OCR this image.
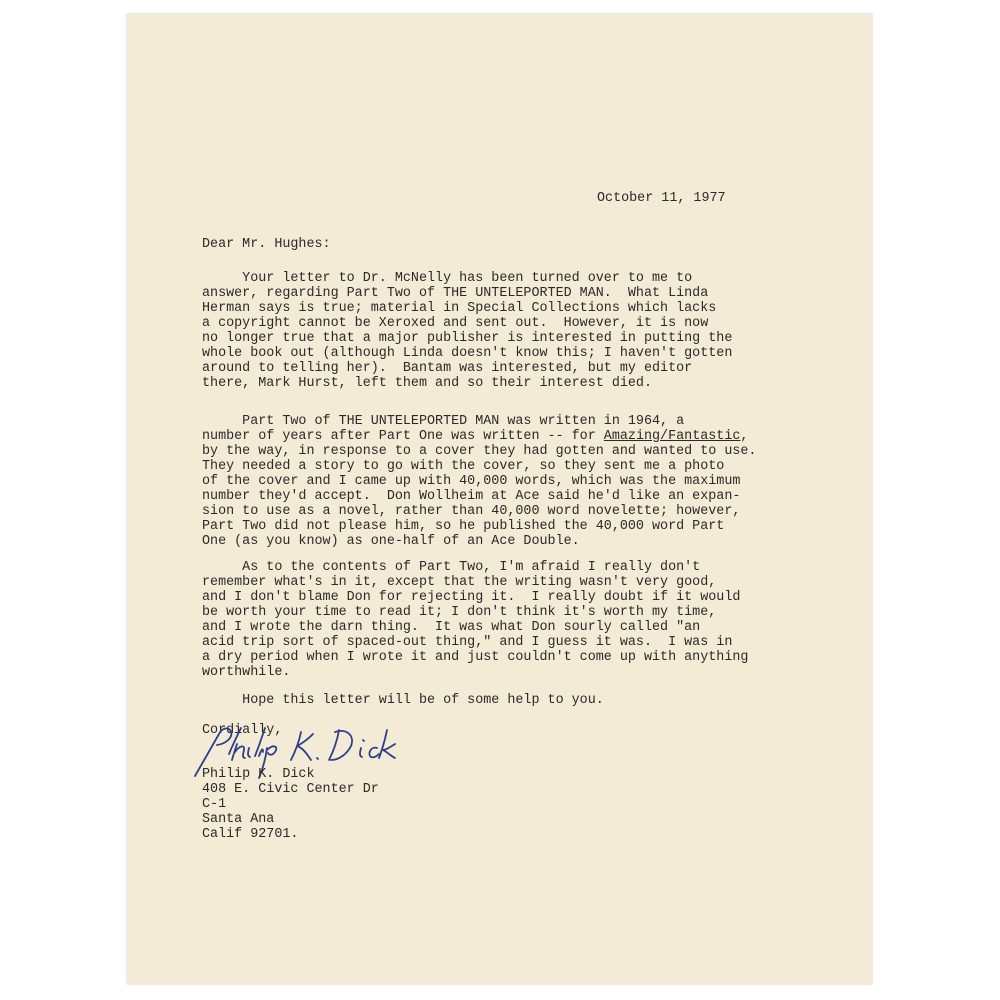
October 11, 1977
Dear Mr. Hughes:
Your letter to Dr. McNelly has been turned over to me to
answer, regarding Part Two of THE UNTELEPORTED MAN.  What Linda
Herman says is true; material in Special Collections which lacks
a copyright cannot be Xeroxed and sent out.  However, it is now
no longer true that a major publisher is interested in putting the
whole book out (although Linda doesn't know this; I haven't gotten
around to telling her).  Bantam was interested, but my editor
there, Mark Hurst, left them and so their interest died.
Part Two of THE UNTELEPORTED MAN was written in 1964, a
number of years after Part One was written -- for Amazing/Fantastic,
by the way, in response to a cover they had gotten and wanted to use.
They needed a story to go with the cover, so they sent me a photo
of the cover and I came up with 40,000 words, which was the maximum
number they'd accept.  Don Wollheim at Ace said he'd like an expan-
sion to use as a novel, rather than 40,000 word novelette; however,
Part Two did not please him, so he published the 40,000 word Part
One (as you know) as one-half of an Ace Double.
As to the contents of Part Two, I'm afraid I really don't
remember what's in it, except that the writing wasn't very good,
and I don't blame Don for rejecting it.  I really doubt if it would
be worth your time to read it; I don't think it's worth my time,
and I wrote the darn thing.  It was what Don sourly called "an
acid trip sort of spaced-out thing," and I guess it was.  I was in
a dry period when I wrote it and just couldn't come up with anything
worthwhile.
Hope this letter will be of some help to you.
Cordially,
Philip K. Dick
408 E. Civic Center Dr
C-1
Santa Ana
Calif 92701.
